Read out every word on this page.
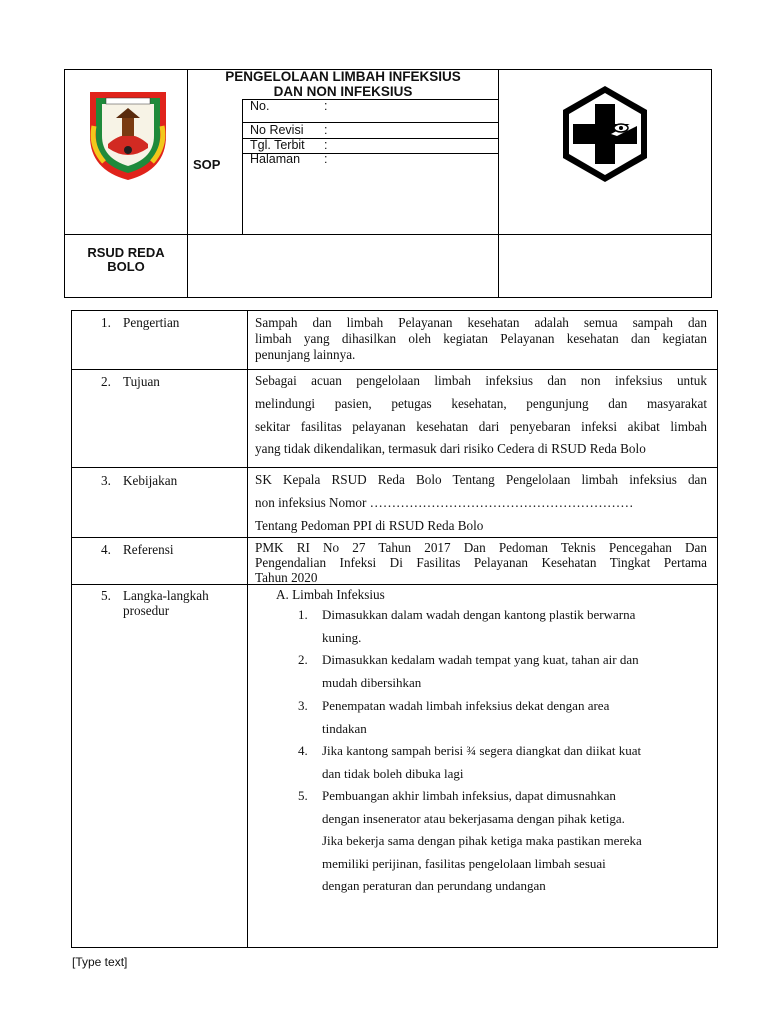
PENGELOLAAN LIMBAH INFEKSIUS
DAN NON INFEKSIUS
SOP
No.	:
No Revisi :
Tgl. Terbit :
Halaman :
RSUD REDA
BOLO
1. Pengertian	Sampah dan limbah Pelayanan kesehatan adalah semua sampah dan
limbah yang dihasilkan oleh kegiatan Pelayanan kesehatan dan kegiatan
penunjang lainnya.
2. Tujuan	Sebagai acuan pengelolaan limbah infeksius dan non infeksius untuk
melindungi pasien, petugas kesehatan, pengunjung dan masyarakat
sekitar fasilitas pelayanan kesehatan dari penyebaran infeksi akibat limbah
yang tidak dikendalikan, termasuk dari risiko Cedera di RSUD Reda Bolo
3. Kebijakan	SK Kepala RSUD Reda Bolo Tentang Pengelolaan limbah infeksius dan
non infeksius Nomor ……………………………………………………
Tentang Pedoman PPI di RSUD Reda Bolo
4. Referensi	PMK RI No 27 Tahun 2017 Dan Pedoman Teknis Pencegahan Dan
Pengendalian Infeksi Di Fasilitas Pelayanan Kesehatan Tingkat Pertama
Tahun 2020
5. Langka-langkah
prosedur
A. Limbah Infeksius
1.	Dimasukkan dalam wadah dengan kantong plastik berwarna
kuning.
2.	Dimasukkan kedalam wadah tempat yang kuat, tahan air dan
mudah dibersihkan
3.	Penempatan wadah limbah infeksius dekat dengan area
tindakan
4.	Jika kantong sampah berisi ¾ segera diangkat dan diikat kuat
dan tidak boleh dibuka lagi
5.	Pembuangan akhir limbah infeksius, dapat dimusnahkan
dengan insenerator atau bekerjasama dengan pihak ketiga.
Jika bekerja sama dengan pihak ketiga maka pastikan mereka
memiliki perijinan, fasilitas pengelolaan limbah sesuai
dengan peraturan dan perundang undangan
[Type text]
